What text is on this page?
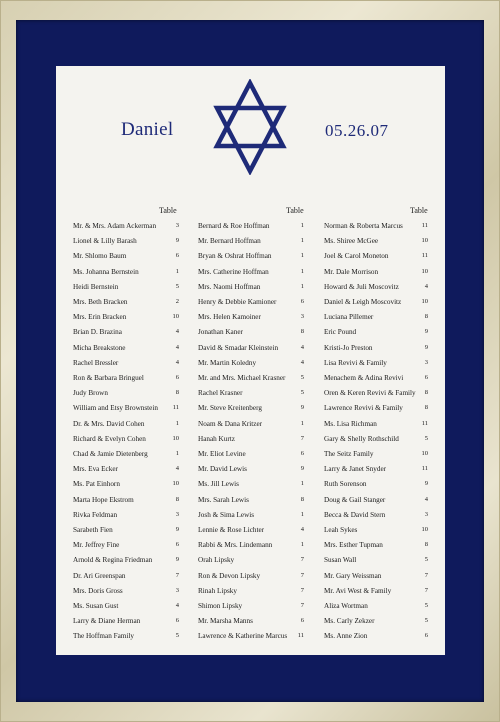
Daniel	05.26.07
Table	Table	Table
Mr. & Mrs. Adam Ackerman	3
Lionel & Lilly Barash	9
Mr. Shlomo Baum	6
Ms. Johanna Bernstein	1
Heidi Bernstein	5
Mrs. Beth Bracken	2
Mrs. Erin Bracken	10
Brian D. Brazina	4
Micha Breakstone	4
Rachel Bressler	4
Ron & Barbara Bringuel	6
Judy Brown	8
William and Etsy Brownstein 11
Dr. & Mrs. David Cohen	1
Richard & Evelyn Cohen	10
Chad & Jamie Dietenberg	1
Mrs. Eva Ecker	4
Ms. Pat Einhorn	10
Marta Hope Ekstrom	8
Rivka Feldman	3
Sarabeth Fien	9
Mr. Jeffrey Fine	6
Arnold & Regina Friedman	9
Dr. Ari Greenspan	7
Mrs. Doris Gross	3
Ms. Susan Gust	4
Larry & Diane Herman	6
The Hoffman Family	5
Bernard & Roe Hoffman	1
Mr. Bernard Hoffman	1
Bryan & Oshrat Hoffman	1
Mrs. Catherine Hoffman	1
Mrs. Naomi Hoffman	1
Henry & Debbie Kamioner	6
Mrs. Helen Kamoiner	3
Jonathan Kaner	8
David & Smadar Kleinstein	4
Mr. Martin Koledny	4
Mr. and Mrs. Michael Krasner 5
Rachel Krasner	5
Mr. Steve Kreitenberg	9
Noam & Dana Kritzer	1
Hanah Kurtz	7
Mr. Eliot Levine	6
Mr. David Lewis	9
Ms. Jill Lewis	1
Mrs. Sarah Lewis	8
Josh & Sima Lewis	1
Lennie & Rose Lichter	4
Rabbi & Mrs. Lindemann	1
Orah Lipsky	7
Ron & Devon Lipsky	7
Rinah Lipsky	7
Shimon Lipsky	7
Mr. Marsha Manns	6
Lawrence & Katherine Marcus 11
Norman & Roberta Marcus	11
Ms. Shiree McGee	10
Joel & Carol Moneton	11
Mr. Dale Morrison	10
Howard & Juli Moscovitz	4
Daniel & Leigh Moscovitz	10
Luciana Pillemer	8
Eric Pound	9
Kristi-Jo Preston	9
Lisa Revivi & Family	3
Menachem & Adina Revivi	6
Oren & Keren Revivi & Family 8
Lawrence Revivi & Family	8
Ms. Lisa Richman	11
Gary & Shelly Rothschild	5
The Seitz Family	10
Larry & Janet Snyder	11
Ruth Sorenson	9
Doug & Gail Stanger	4
Becca & David Stern	3
Leah Sykes	10
Mrs. Esther Tupman	8
Susan Wall	5
Mr. Gary Weissman	7
Mr. Avi West & Family	7
Aliza Wortman	5
Ms. Carly Zekzer	5
Ms. Anne Zion	6
